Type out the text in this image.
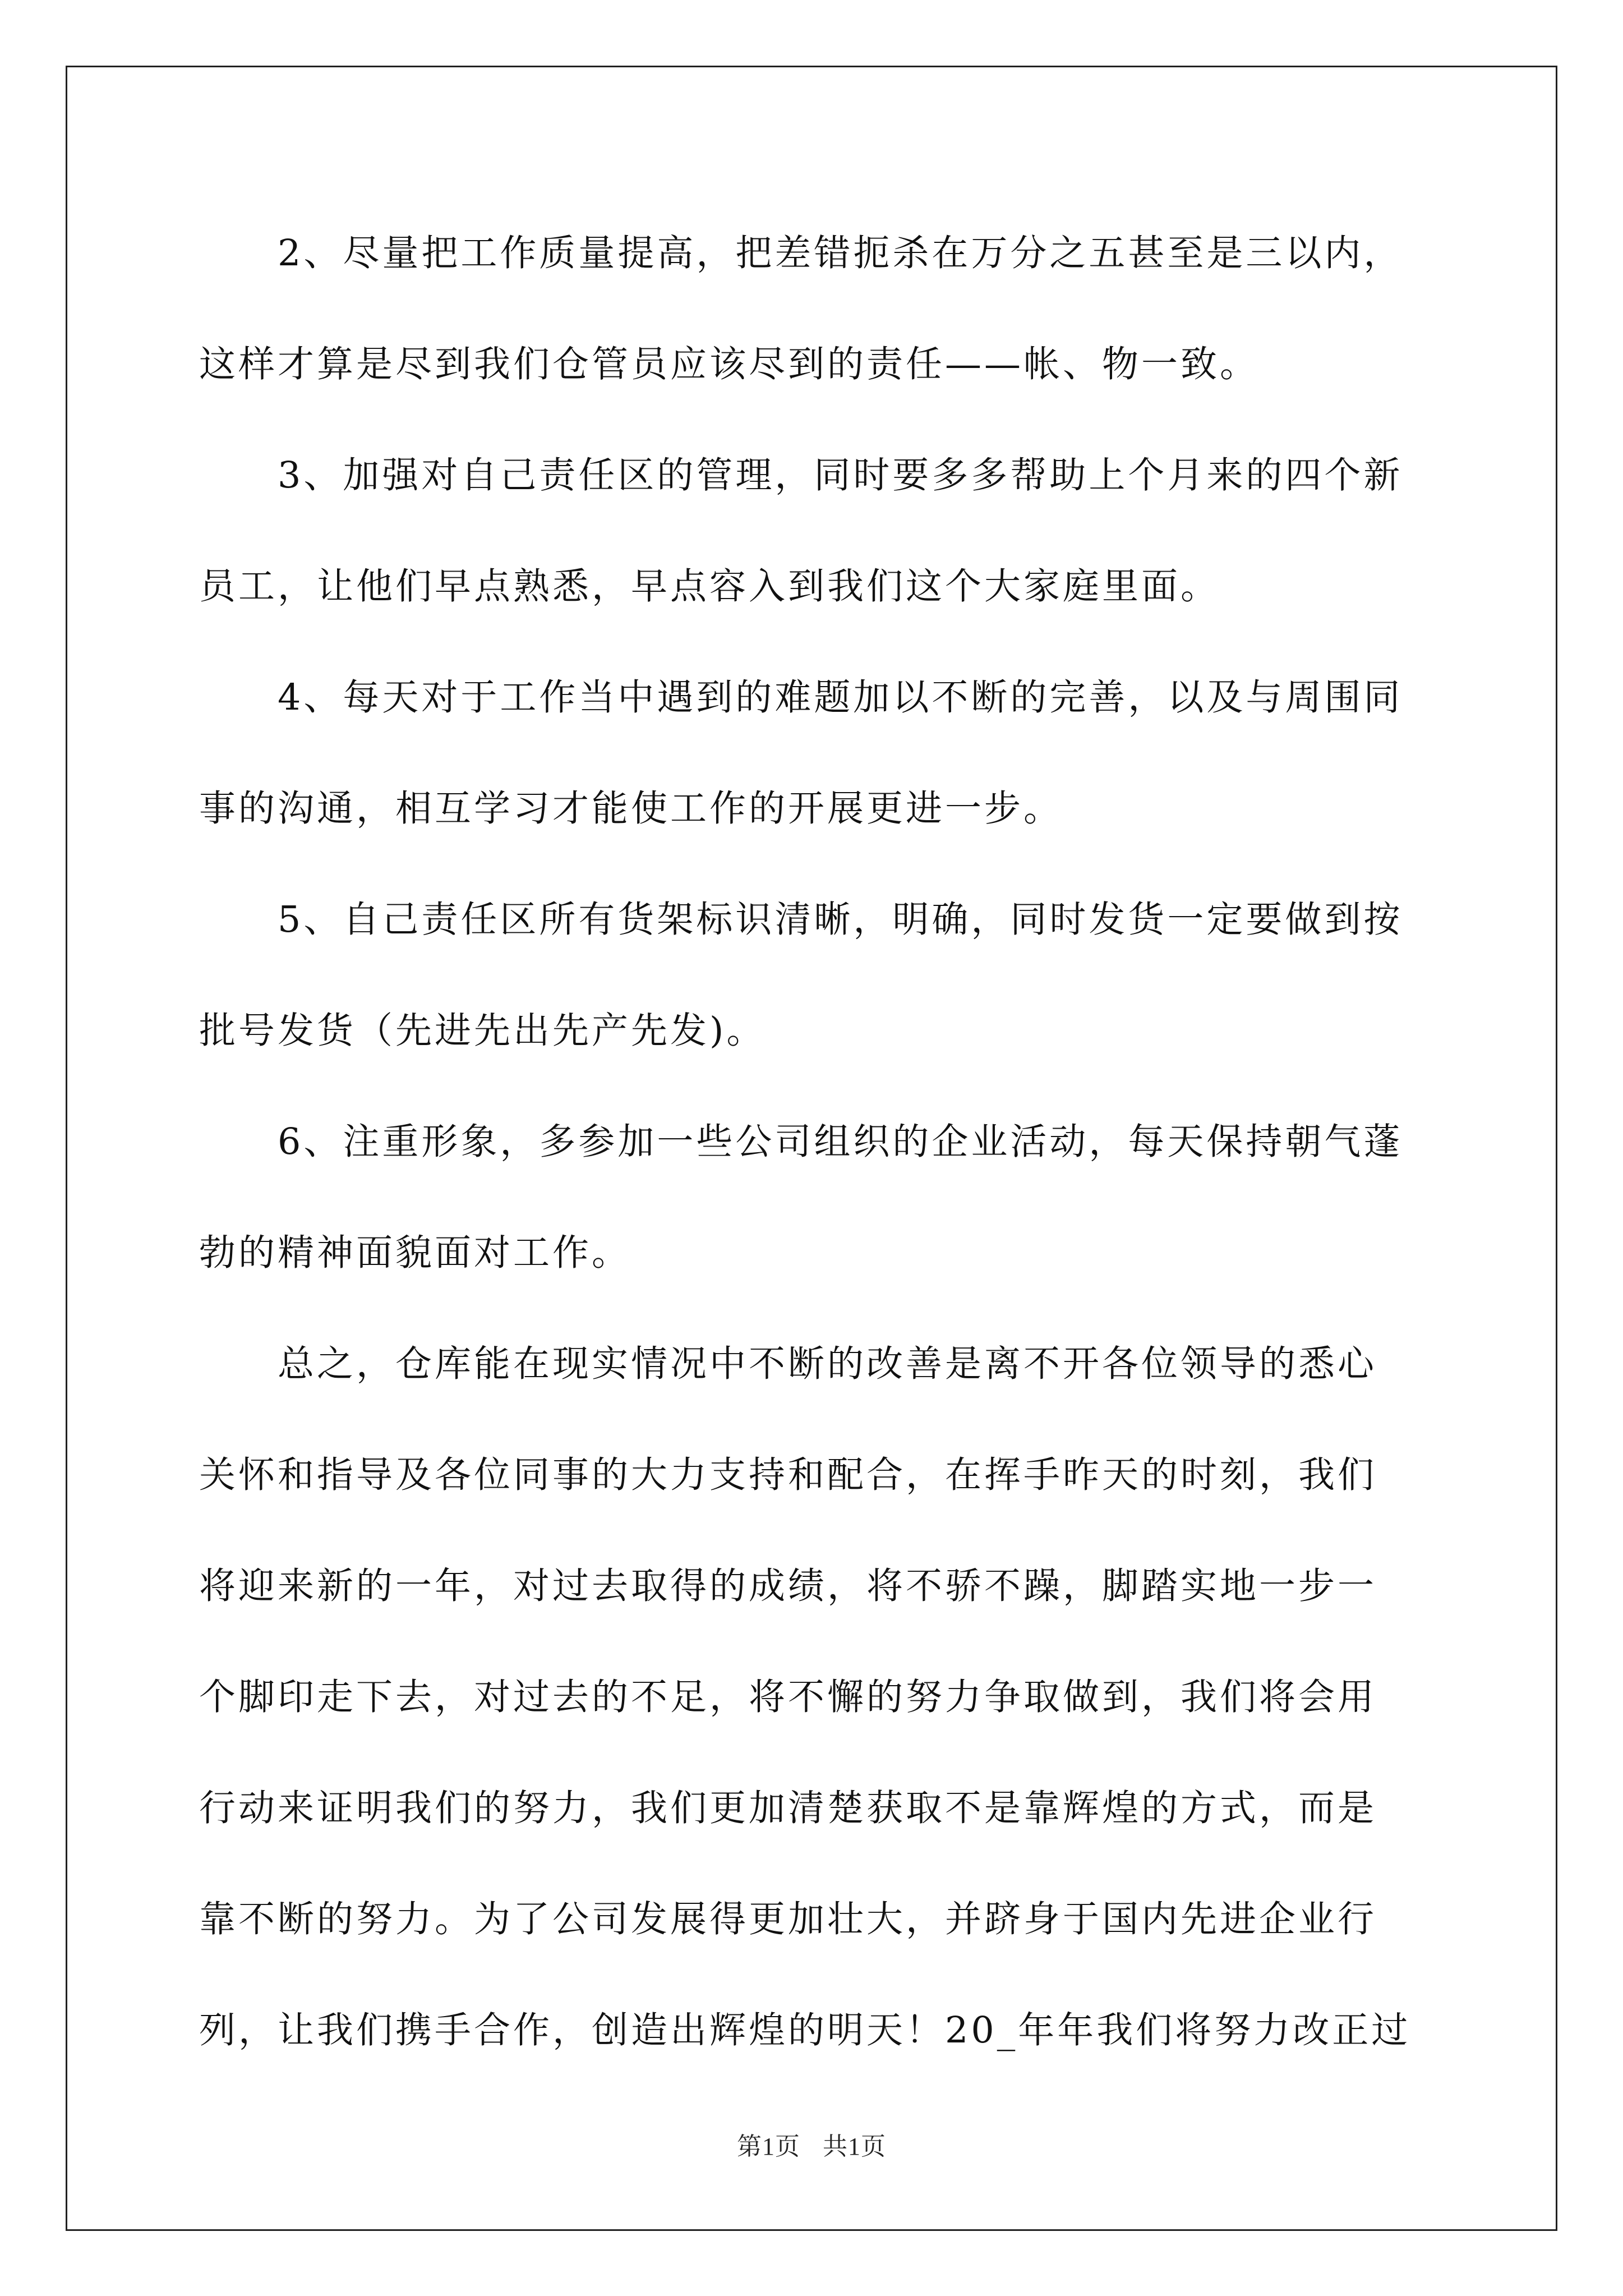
2、尽量把工作质量提高，把差错扼杀在万分之五甚至是三以内，
这样才算是尽到我们仓管员应该尽到的责任——帐、物一致。
3、加强对自己责任区的管理，同时要多多帮助上个月来的四个新
员工，让他们早点熟悉，早点容入到我们这个大家庭里面。
4、每天对于工作当中遇到的难题加以不断的完善，以及与周围同
事的沟通，相互学习才能使工作的开展更进一步。
5、自己责任区所有货架标识清晰，明确，同时发货一定要做到按
批号发货（先进先出先产先发)。
6、注重形象，多参加一些公司组织的企业活动，每天保持朝气蓬
勃的精神面貌面对工作。
总之，仓库能在现实情况中不断的改善是离不开各位领导的悉心
关怀和指导及各位同事的大力支持和配合，在挥手昨天的时刻，我们
将迎来新的一年，对过去取得的成绩，将不骄不躁，脚踏实地一步一
个脚印走下去，对过去的不足，将不懈的努力争取做到，我们将会用
行动来证明我们的努力，我们更加清楚获取不是靠辉煌的方式，而是
靠不断的努力。为了公司发展得更加壮大，并跻身于国内先进企业行
列，让我们携手合作，创造出辉煌的明天！20_年年我们将努力改正过
第1页 共1页
